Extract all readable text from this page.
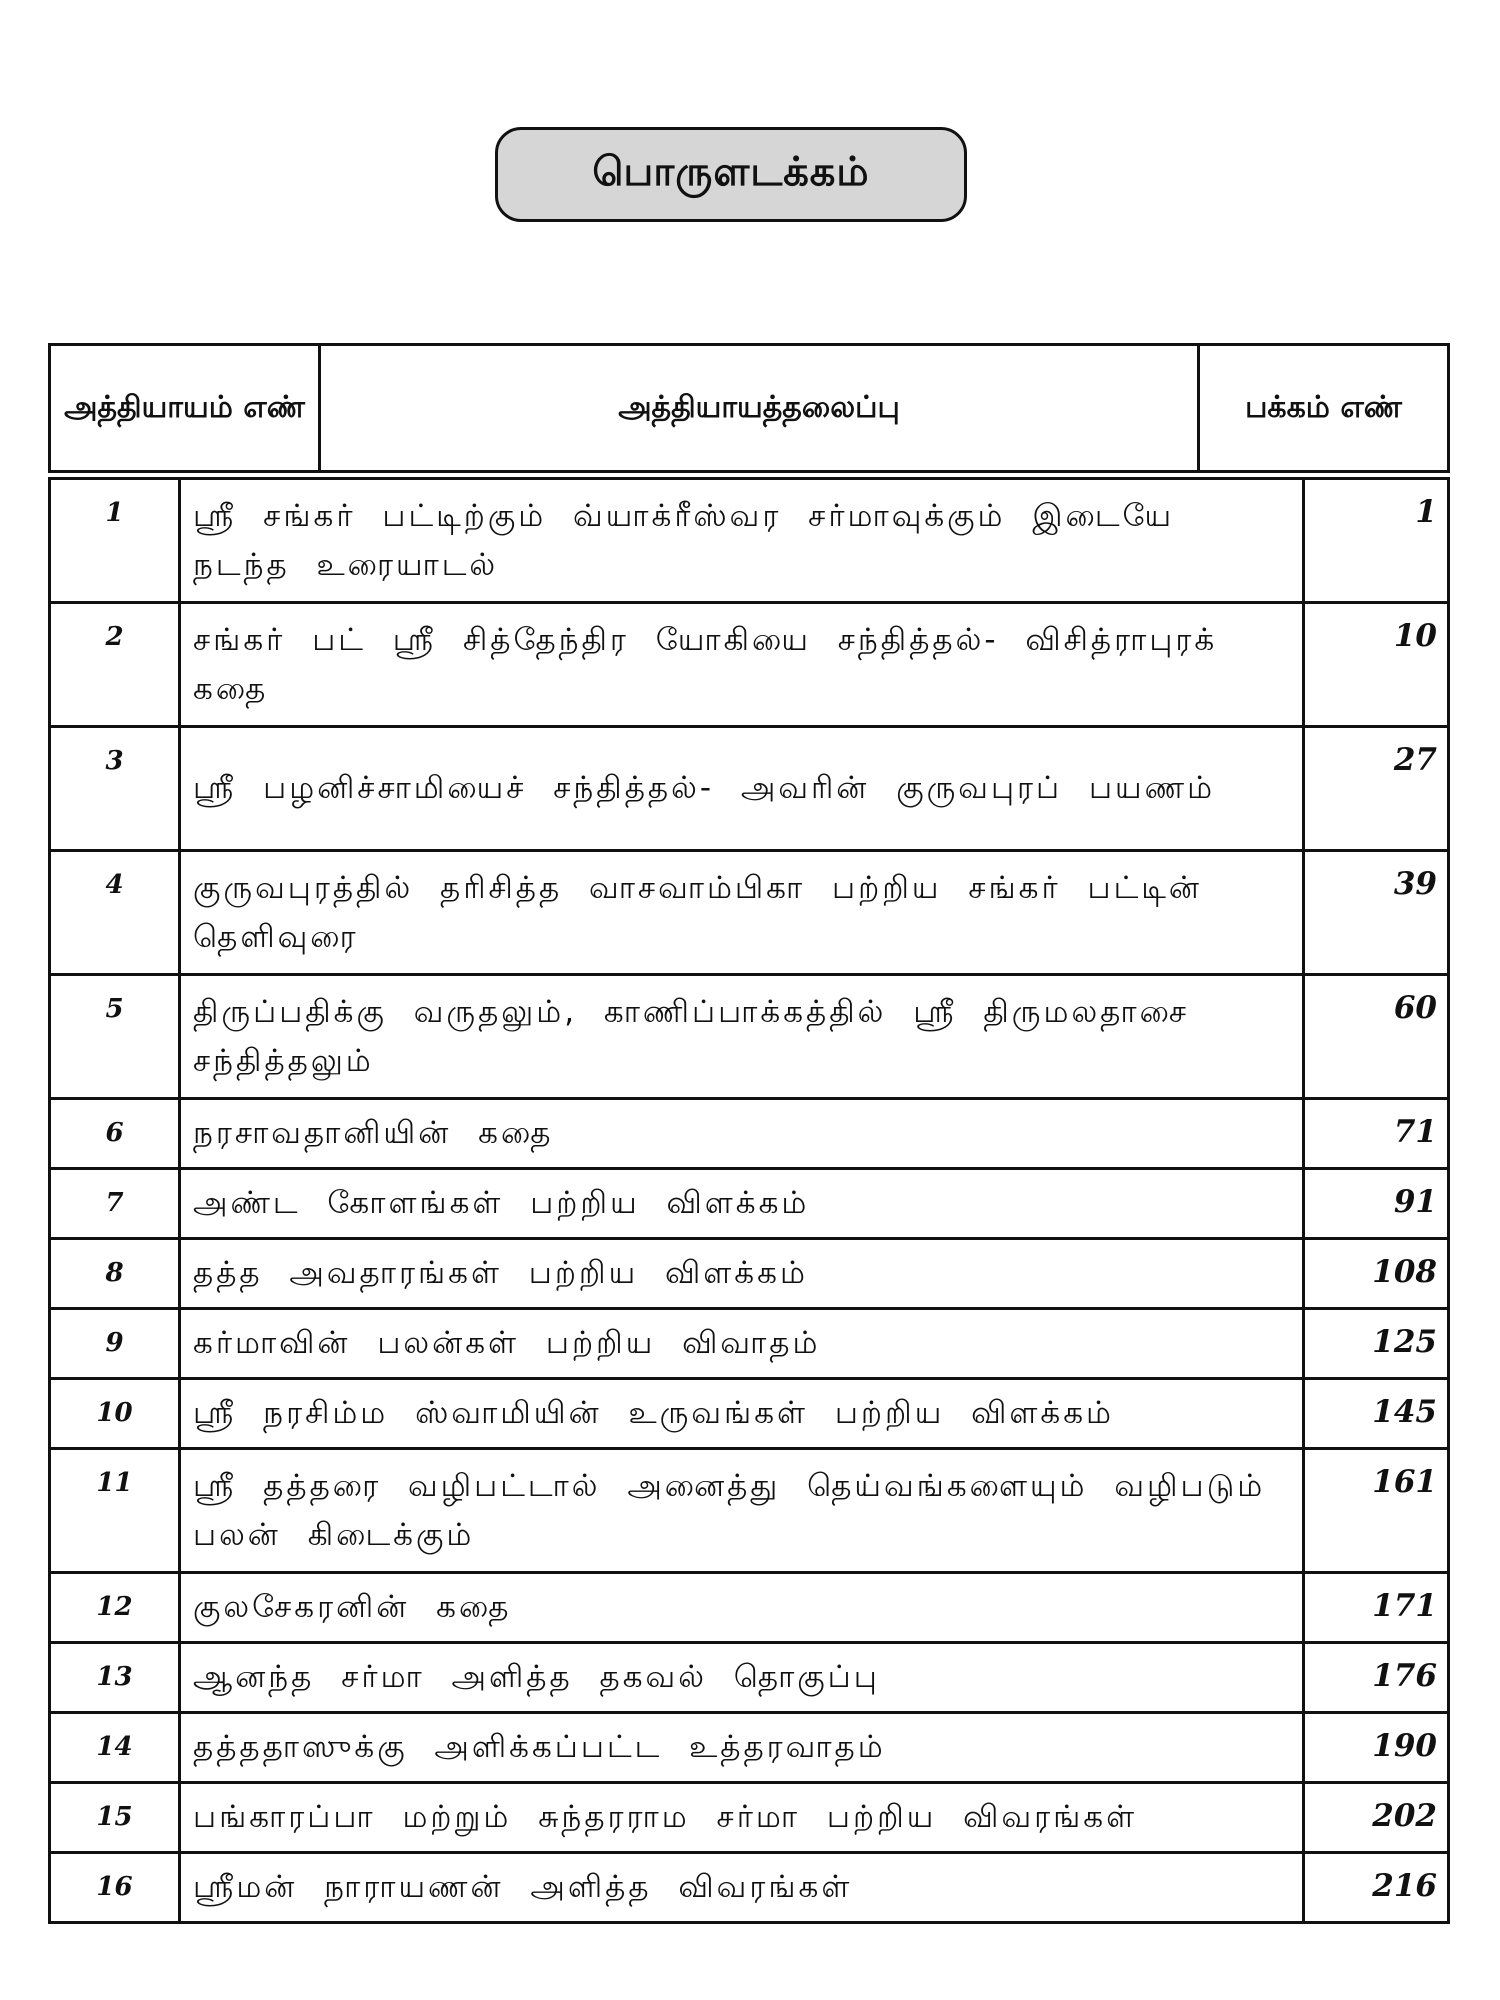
பொருளடக்கம்
அத்தியாயம் எண்	அத்தியாயத்தலைப்பு	பக்கம் எண்
1	ஸ்ரீ சங்கர் பட்டிற்கும் வ்யாக்ரீஸ்வர சர்மாவுக்கும் இடையே நடந்த உரையாடல்	1
2	சங்கர் பட் ஸ்ரீ சித்தேந்திர யோகியை சந்தித்தல்- விசித்ராபுரக் கதை	10
3	ஸ்ரீ பழனிச்சாமியைச் சந்தித்தல்- அவரின் குருவபுரப் பயணம்	27
4	குருவபுரத்தில் தரிசித்த வாசவாம்பிகா பற்றிய சங்கர் பட்டின் தெளிவுரை	39
5	திருப்பதிக்கு வருதலும், காணிப்பாக்கத்தில் ஸ்ரீ திருமலதாசை சந்தித்தலும்	60
6	நரசாவதானியின் கதை	71
7	அண்ட கோளங்கள் பற்றிய விளக்கம்	91
8	தத்த அவதாரங்கள் பற்றிய விளக்கம்	108
9	கர்மாவின் பலன்கள் பற்றிய விவாதம்	125
10	ஸ்ரீ நரசிம்ம ஸ்வாமியின் உருவங்கள் பற்றிய விளக்கம்	145
11	ஸ்ரீ தத்தரை வழிபட்டால் அனைத்து தெய்வங்களையும் வழிபடும் பலன் கிடைக்கும்	161
12	குலசேகரனின் கதை	171
13	ஆனந்த சர்மா அளித்த தகவல் தொகுப்பு	176
14	தத்ததாஸுக்கு அளிக்கப்பட்ட உத்தரவாதம்	190
15	பங்காரப்பா மற்றும் சுந்தரராம சர்மா பற்றிய விவரங்கள்	202
16	ஸ்ரீமன் நாராயணன் அளித்த விவரங்கள்	216
